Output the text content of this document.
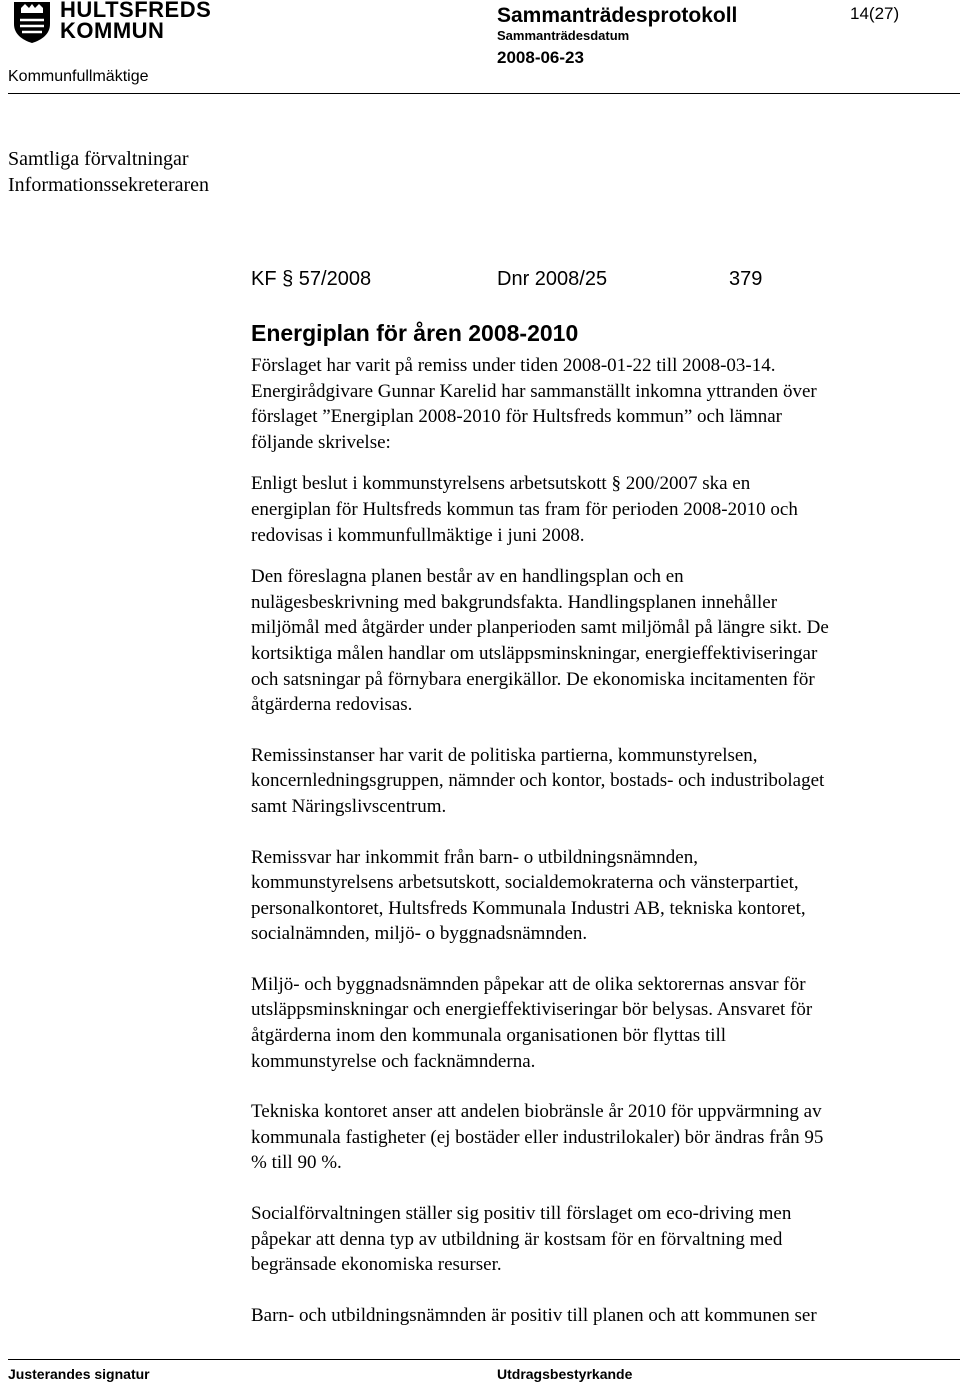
HULTSFREDS
KOMMUN
Sammanträdesprotokoll	14(27)
Sammanträdesdatum
2008-06-23
Kommunfullmäktige
Samtliga förvaltningar
Informationssekreteraren
KF § 57/2008	Dnr 2008/25	379
Energiplan för åren 2008-2010

Förslaget har varit på remiss under tiden 2008-01-22 till 2008-03-14.
Energirådgivare Gunnar Karelid har sammanställt inkomna yttranden över
förslaget ”Energiplan 2008-2010 för Hultsfreds kommun” och lämnar
följande skrivelse:

Enligt beslut i kommunstyrelsens arbetsutskott § 200/2007 ska en
energiplan för Hultsfreds kommun tas fram för perioden 2008-2010 och
redovisas i kommunfullmäktige i juni 2008.

Den föreslagna planen består av en handlingsplan och en
nulägesbeskrivning med bakgrundsfakta. Handlingsplanen innehåller
miljömål med åtgärder under planperioden samt miljömål på längre sikt. De
kortsiktiga målen handlar om utsläppsminskningar, energieffektiviseringar
och satsningar på förnybara energikällor. De ekonomiska incitamenten för
åtgärderna redovisas.

Remissinstanser har varit de politiska partierna, kommunstyrelsen,
koncernledningsgruppen, nämnder och kontor, bostads- och industribolaget
samt Näringslivscentrum.

Remissvar har inkommit från barn- o utbildningsnämnden,
kommunstyrelsens arbetsutskott, socialdemokraterna och vänsterpartiet,
personalkontoret, Hultsfreds Kommunala Industri AB, tekniska kontoret,
socialnämnden, miljö- o byggnadsnämnden.

Miljö- och byggnadsnämnden påpekar att de olika sektorernas ansvar för
utsläppsminskningar och energieffektiviseringar bör belysas. Ansvaret för
åtgärderna inom den kommunala organisationen bör flyttas till
kommunstyrelse och facknämnderna.

Tekniska kontoret anser att andelen biobränsle år 2010 för uppvärmning av
kommunala fastigheter (ej bostäder eller industrilokaler) bör ändras från 95
% till 90 %.

Socialförvaltningen ställer sig positiv till förslaget om eco-driving men
påpekar att denna typ av utbildning är kostsam för en förvaltning med
begränsade ekonomiska resurser.

Barn- och utbildningsnämnden är positiv till planen och att kommunen ser

Justerandes signatur	Utdragsbestyrkande
